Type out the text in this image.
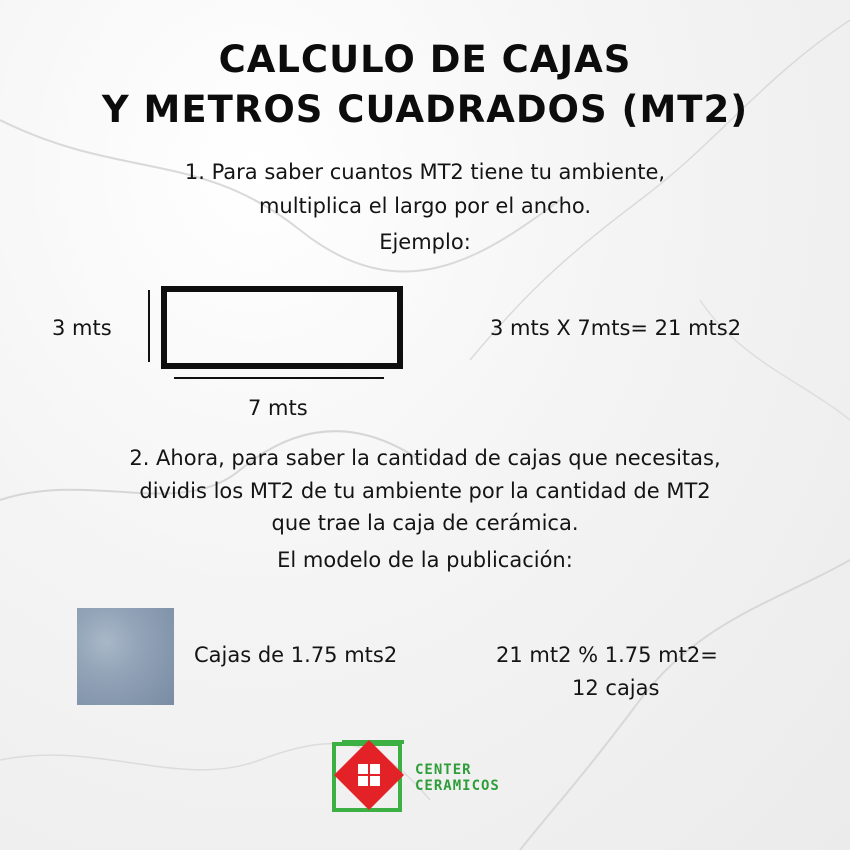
CALCULO DE CAJAS
Y METROS CUADRADOS (MT2)
1. Para saber cuantos MT2 tiene tu ambiente,
multiplica el largo por el ancho.
Ejemplo:
3 mts
7 mts
3 mts X 7mts= 21 mts2
2. Ahora, para saber la cantidad de cajas que necesitas,
dividis los MT2 de tu ambiente por la cantidad de MT2
que trae la caja de cerámica.
El modelo de la publicación:
Cajas de 1.75 mts2	21 mt2 % 1.75 mt2=
12 cajas
CENTER
CERAMICOS
